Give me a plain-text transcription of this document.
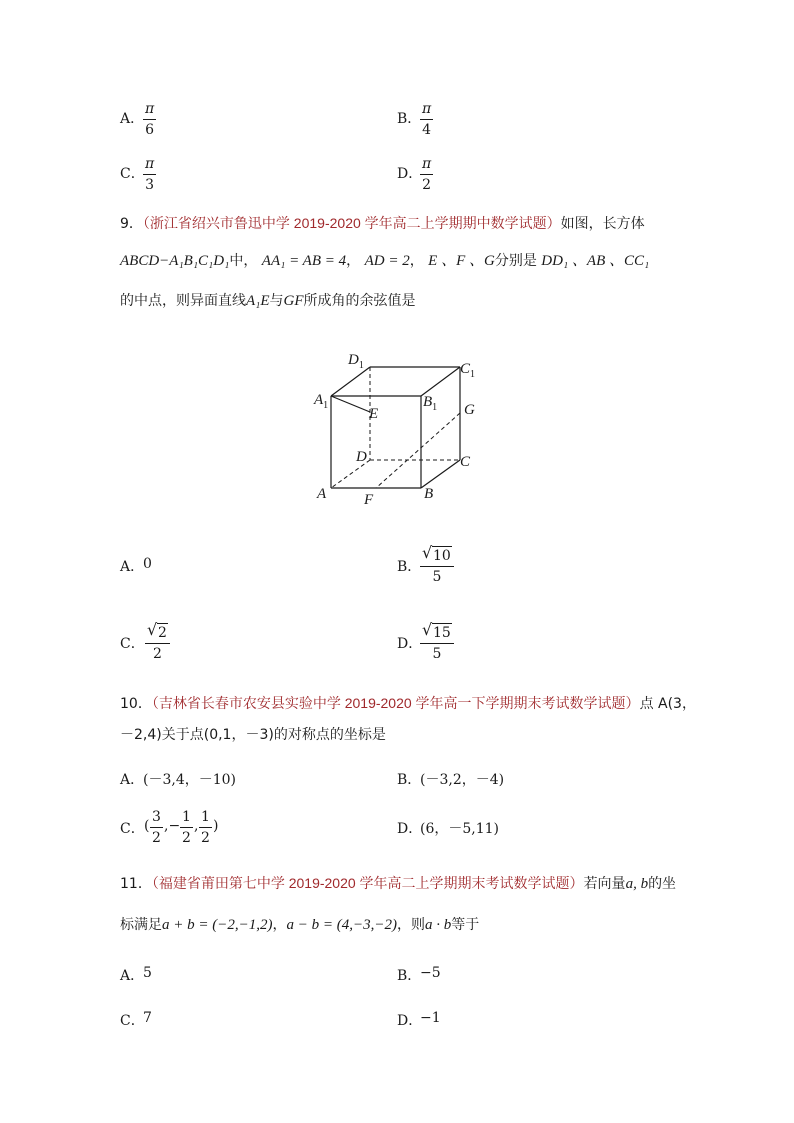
A．
$\frac{\pi}{6}$	B．
$\frac{\pi}{4}$
C．
$\frac{\pi}{3}$	D．
$\frac{\pi}{2}$
9．（浙江省绍兴市鲁迅中学 2019-2020 学年高二上学期期中数学试题）如图，长方体
ABCD−A₁B₁C₁D₁中， AA₁ = AB = 4， AD = 2， E 、F 、G分别是 DD₁ 、AB 、CC₁
的中点，则异面直线A₁E与GF所成角的余弦值是
$D_1$	$C_1$
$A_1$	$B_1$
E	G
D	C
A	F	B
A．
0	B．
$\frac{√ 10}{5}$
C． $\frac{√ 2}{2}$	D．
$\frac{√ 15}{5}$
10．（吉林省长春市农安县实验中学 2019-2020 学年高一下学期期末考试数学试题）点 A(3，
－2,4)关于点(0,1，－3)的对称点的坐标是
A．
(－3,4，－10)	B．
(－3,2，－4)
C． ( $\frac{3}{2}$ ,− $\frac{1}{2}$ , $\frac{1}{2}$ )	D．
(6，－5,11)
11．（福建省莆田第七中学 2019-2020 学年高二上学期期末考试数学试题）若向量a, b的坐
标满足a + b = (−2,−1,2)，a − b = (4,−3,−2)，则a · b等于
A．
5	B．
−5
C．
7	D．
−1
